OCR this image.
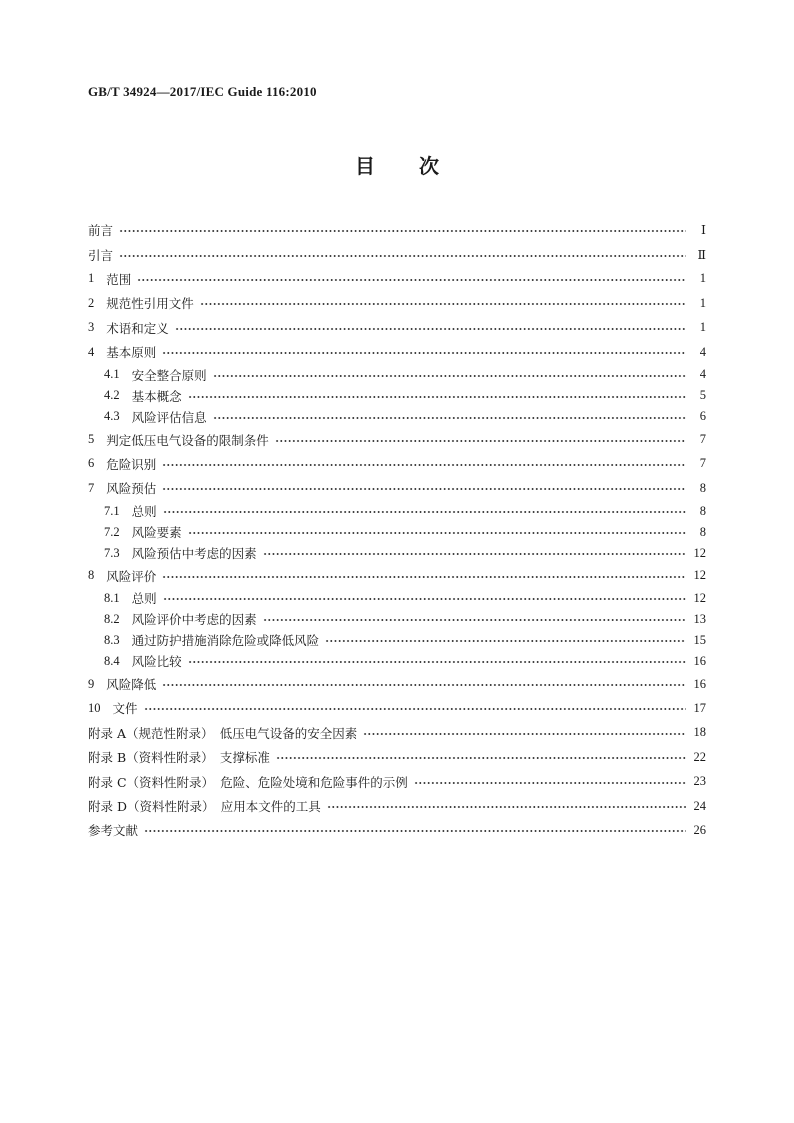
GB/T 34924—2017/IEC Guide 116:2010
目 次
前言	Ⅰ
引言	Ⅱ
1 范围	1
2 规范性引用文件	1
3 术语和定义	1
4 基本原则	4
4.1 安全整合原则	4
4.2 基本概念	5
4.3 风险评估信息	6
5 判定低压电气设备的限制条件	7
6 危险识别	7
7 风险预估	8
7.1 总则	8
7.2 风险要素	8
7.3 风险预估中考虑的因素	12
8 风险评价	12
8.1 总则	12
8.2 风险评价中考虑的因素	13
8.3 通过防护措施消除危险或降低风险	15
8.4 风险比较	16
9 风险降低	16
10 文件	17
附录 A（规范性附录）　低压电气设备的安全因素	18
附录 B（资料性附录）　支撑标准	22
附录 C（资料性附录）　危险、危险处境和危险事件的示例	23
附录 D（资料性附录）　应用本文件的工具	24
参考文献	26
